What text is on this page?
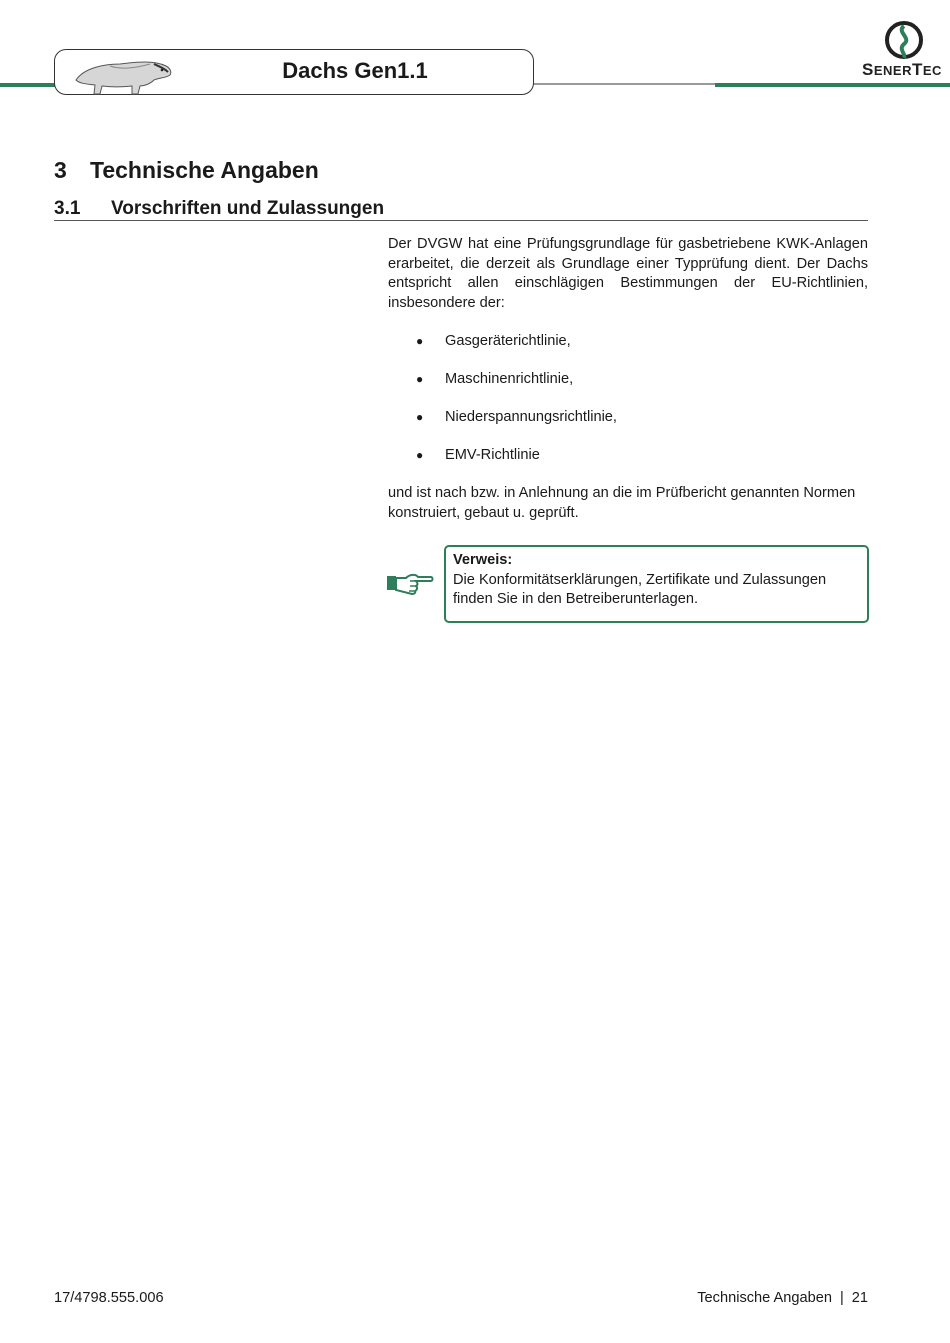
Dachs Gen1.1	SENERTEC
3 Technische Angaben
3.1 Vorschriften und Zulassungen
Der DVGW hat eine Prüfungsgrundlage für gasbetriebene KWK-Anlagen erarbeitet, die derzeit als Grundlage einer Typprüfung dient. Der Dachs entspricht allen einschlägigen Bestimmungen der EU-Richtlinien, insbesondere der:
● Gasgeräterichtlinie,
● Maschinenrichtlinie,
● Niederspannungsrichtlinie,
● EMV-Richtlinie
und ist nach bzw. in Anlehnung an die im Prüfbericht genannten Normen konstruiert, gebaut u. geprüft.
Verweis:
Die Konformitätserklärungen, Zertifikate und Zulassungen finden Sie in den Betreiberunterlagen.
17/4798.555.006	Technische Angaben | 21
